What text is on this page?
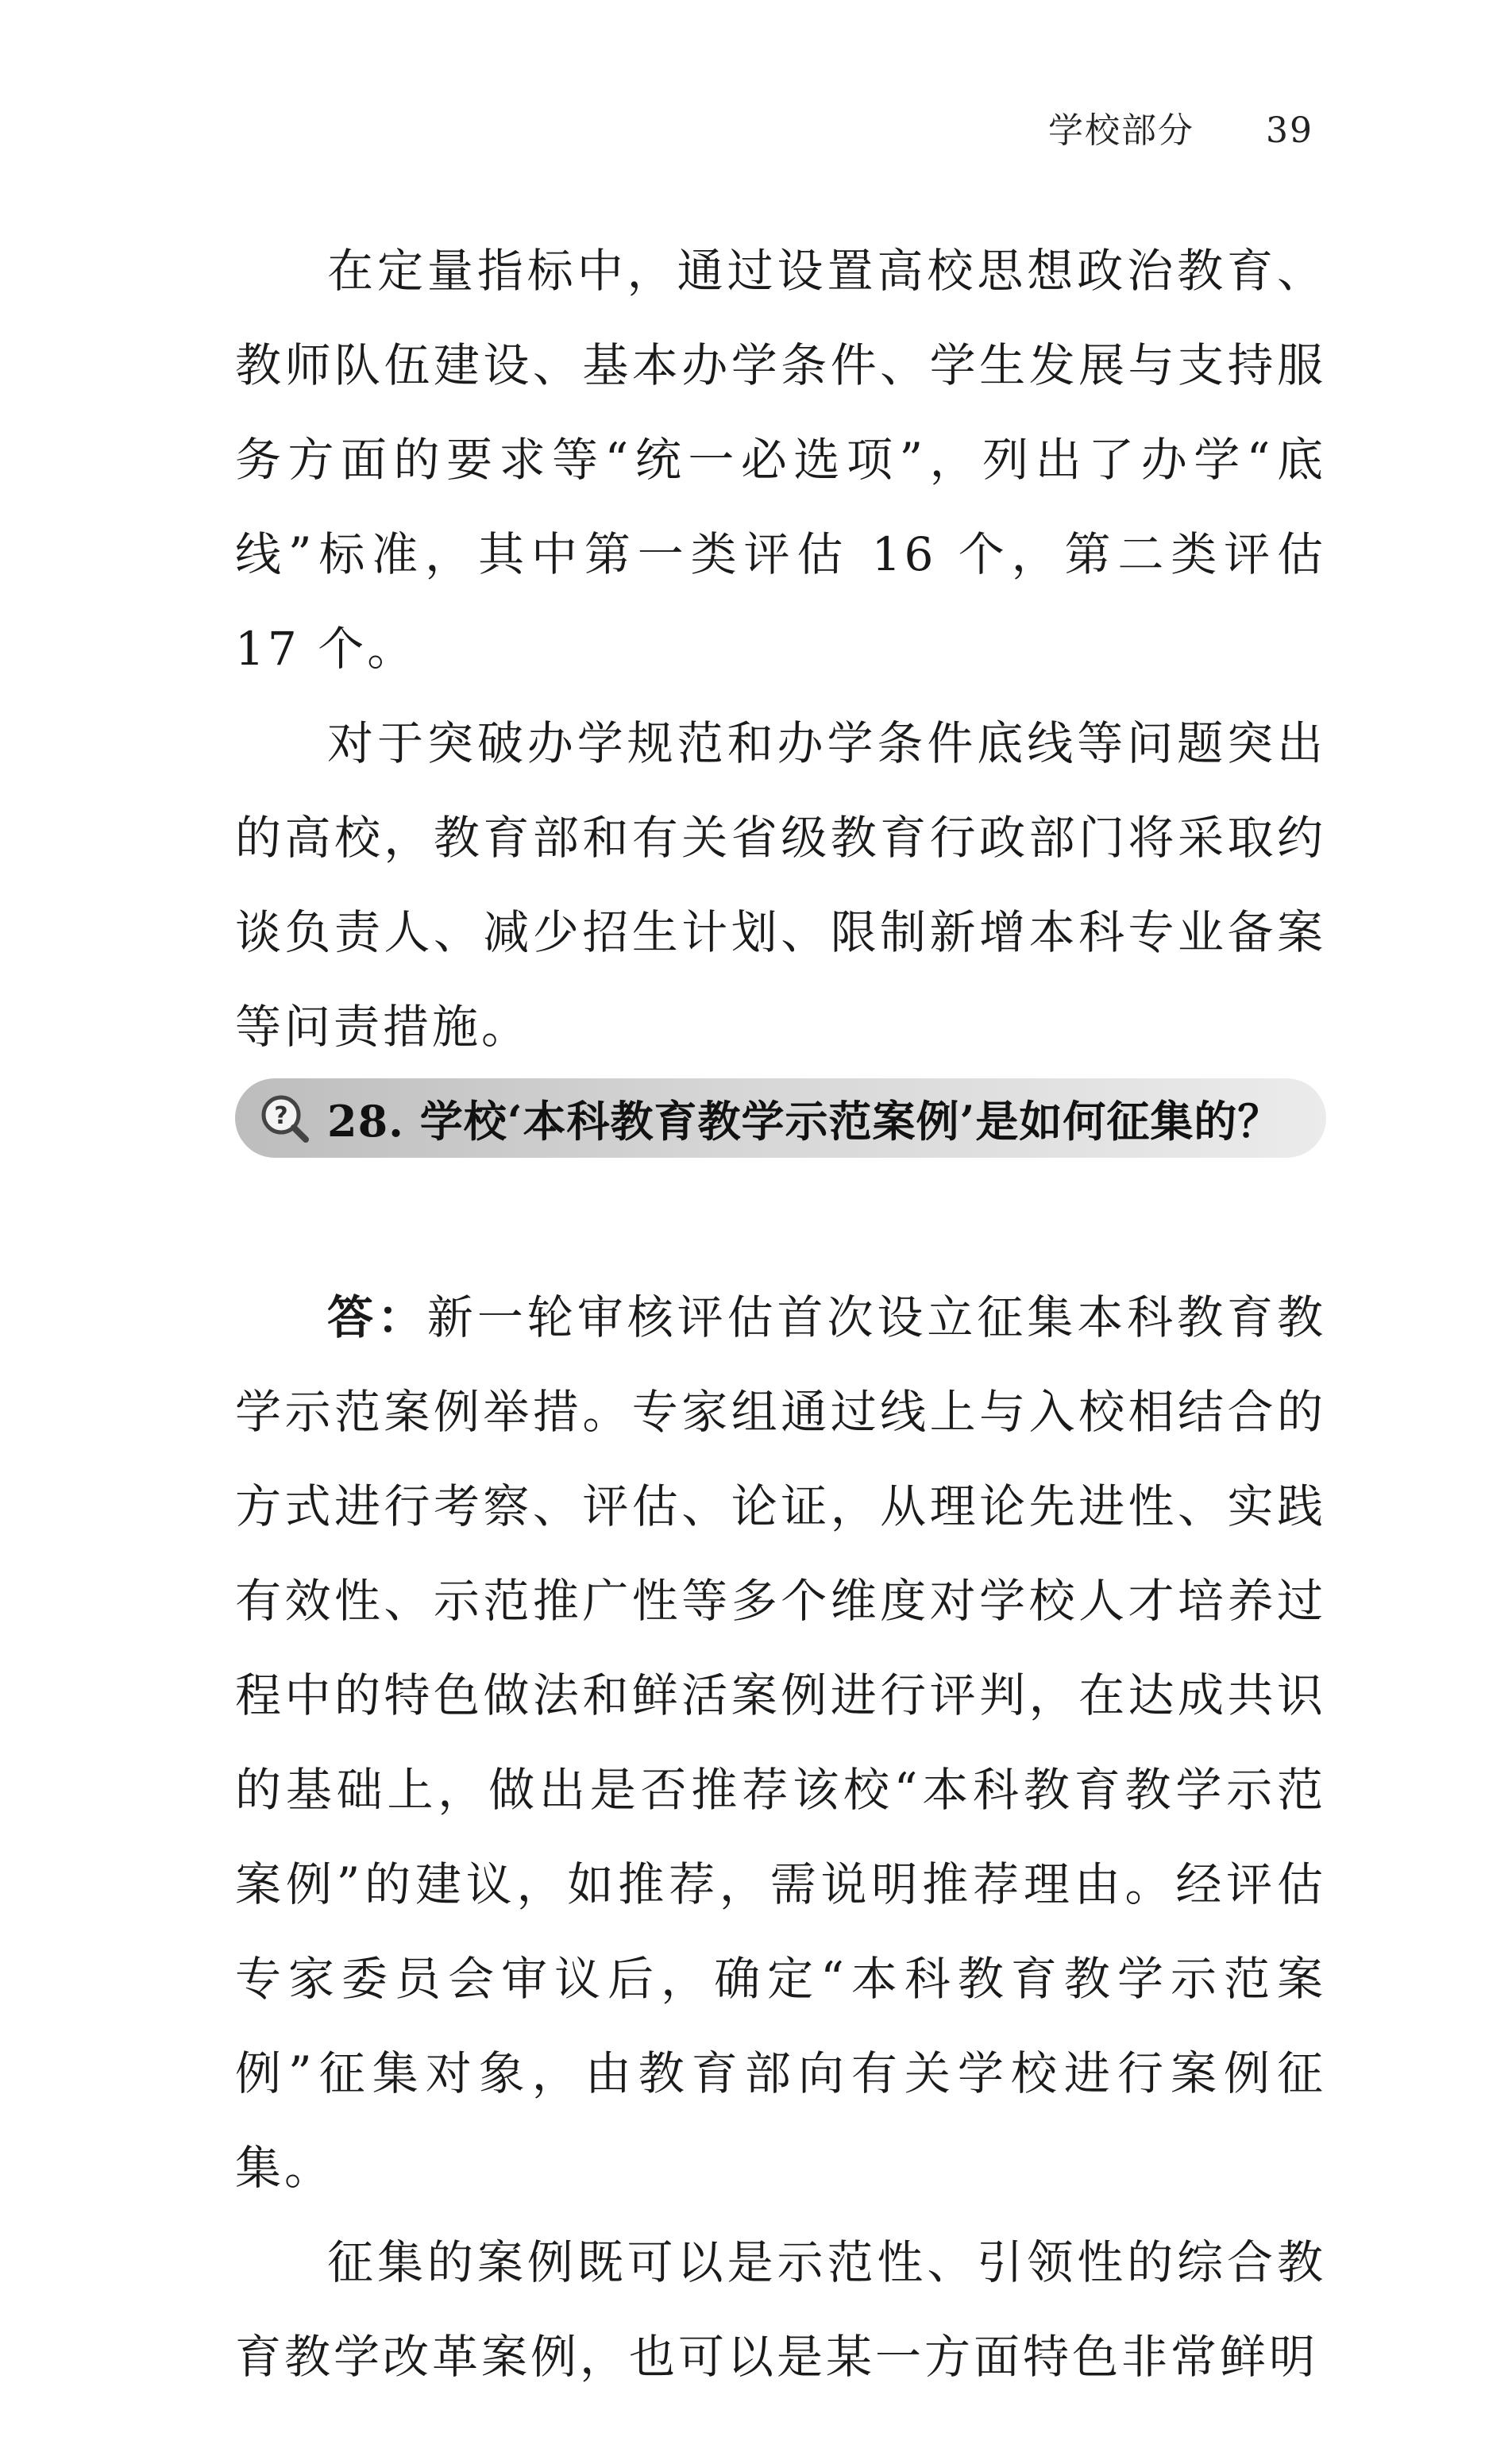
学校部分 39

在定量指标中，通过设置高校思想政治教育、教师队伍建设、基本办学条件、学生发展与支持服务方面的要求等“统一必选项”，列出了办学“底线”标准，其中第一类评估 16 个，第二类评估 17 个。

对于突破办学规范和办学条件底线等问题突出的高校，教育部和有关省级教育行政部门将采取约谈负责人、减少招生计划、限制新增本科专业备案等问责措施。

? 28. 学校‘本科教育教学示范案例’是如何征集的？

答：新一轮审核评估首次设立征集本科教育教学示范案例举措。专家组通过线上与入校相结合的方式进行考察、评估、论证，从理论先进性、实践有效性、示范推广性等多个维度对学校人才培养过程中的特色做法和鲜活案例进行评判，在达成共识的基础上，做出是否推荐该校“本科教育教学示范案例”的建议，如推荐，需说明推荐理由。经评估专家委员会审议后，确定“本科教育教学示范案例”征集对象，由教育部向有关学校进行案例征集。

征集的案例既可以是示范性、引领性的综合教育教学改革案例，也可以是某一方面特色非常鲜明
